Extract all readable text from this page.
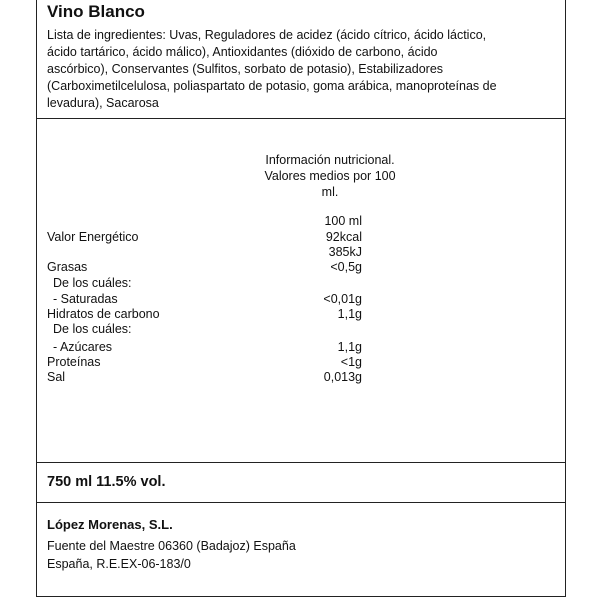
Vino Blanco
Lista de ingredientes: Uvas, Reguladores de acidez (ácido cítrico, ácido láctico,
ácido tartárico, ácido málico), Antioxidantes (dióxido de carbono, ácido
ascórbico), Conservantes (Sulfitos, sorbato de potasio), Estabilizadores
(Carboximetilcelulosa, poliaspartato de potasio, goma arábica, manoproteínas de
levadura), Sacarosa
Información nutricional.
Valores medios por 100
ml.
100 ml
Valor Energético	92kcal
385kJ
Grasas	<0,5g
De los cuáles:
- Saturadas	<0,01g
Hidratos de carbono	1,1g
De los cuáles:
- Azúcares	1,1g
Proteínas	<1g
Sal	0,013g
750 ml 11.5% vol.
López Morenas, S.L.
Fuente del Maestre 06360 (Badajoz) España
España, R.E.EX-06-183/0
